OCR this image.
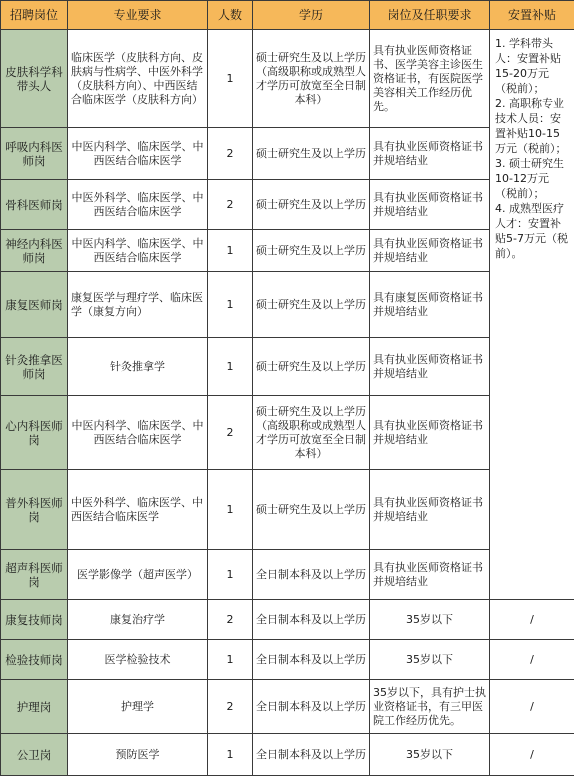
招聘岗位	专业要求	人数	学历	岗位及任职要求	安置补贴
皮肤科学科带头人	临床医学（皮肤科方向、皮肤病与性病学、中医外科学（皮肤科方向）、中西医结合临床医学（皮肤科方向）	1	硕士研究生及以上学历（高级职称或成熟型人才学历可放宽至全日制本科）	具有执业医师资格证书、医学美容主诊医生资格证书，有医院医学美容相关工作经历优先。	1. 学科带头人：安置补贴15-20万元（税前）；
2. 高职称专业技术人员：安置补贴10-15万元（税前）；
3. 硕士研究生10-12万元（税前）；
4. 成熟型医疗人才：安置补贴5-7万元（税前）。
呼吸内科医师岗	中医内科学、临床医学、中西医结合临床医学	2	硕士研究生及以上学历	具有执业医师资格证书并规培结业	
骨科医师岗	中医外科学、临床医学、中西医结合临床医学	2	硕士研究生及以上学历	具有执业医师资格证书并规培结业	
神经内科医师岗	中医内科学、临床医学、中西医结合临床医学	1	硕士研究生及以上学历	具有执业医师资格证书并规培结业	
康复医师岗	康复医学与理疗学、临床医学（康复方向）	1	硕士研究生及以上学历	具有康复医师资格证书并规培结业	
针灸推拿医师岗	针灸推拿学	1	硕士研究生及以上学历	具有执业医师资格证书并规培结业	
心内科医师岗	中医内科学、临床医学、中西医结合临床医学	2	硕士研究生及以上学历（高级职称或成熟型人才学历可放宽至全日制本科）	具有执业医师资格证书并规培结业	
普外科医师岗	中医外科学、临床医学、中西医结合临床医学	1	硕士研究生及以上学历	具有执业医师资格证书并规培结业	
超声科医师岗	医学影像学（超声医学）	1	全日制本科及以上学历	具有执业医师资格证书并规培结业	
康复技师岗	康复治疗学	2	全日制本科及以上学历	35岁以下	/
检验技师岗	医学检验技术	1	全日制本科及以上学历	35岁以下	/
护理岗	护理学	2	全日制本科及以上学历	35岁以下，具有护士执业资格证书，有三甲医院工作经历优先。	/
公卫岗	预防医学	1	全日制本科及以上学历	35岁以下	/
